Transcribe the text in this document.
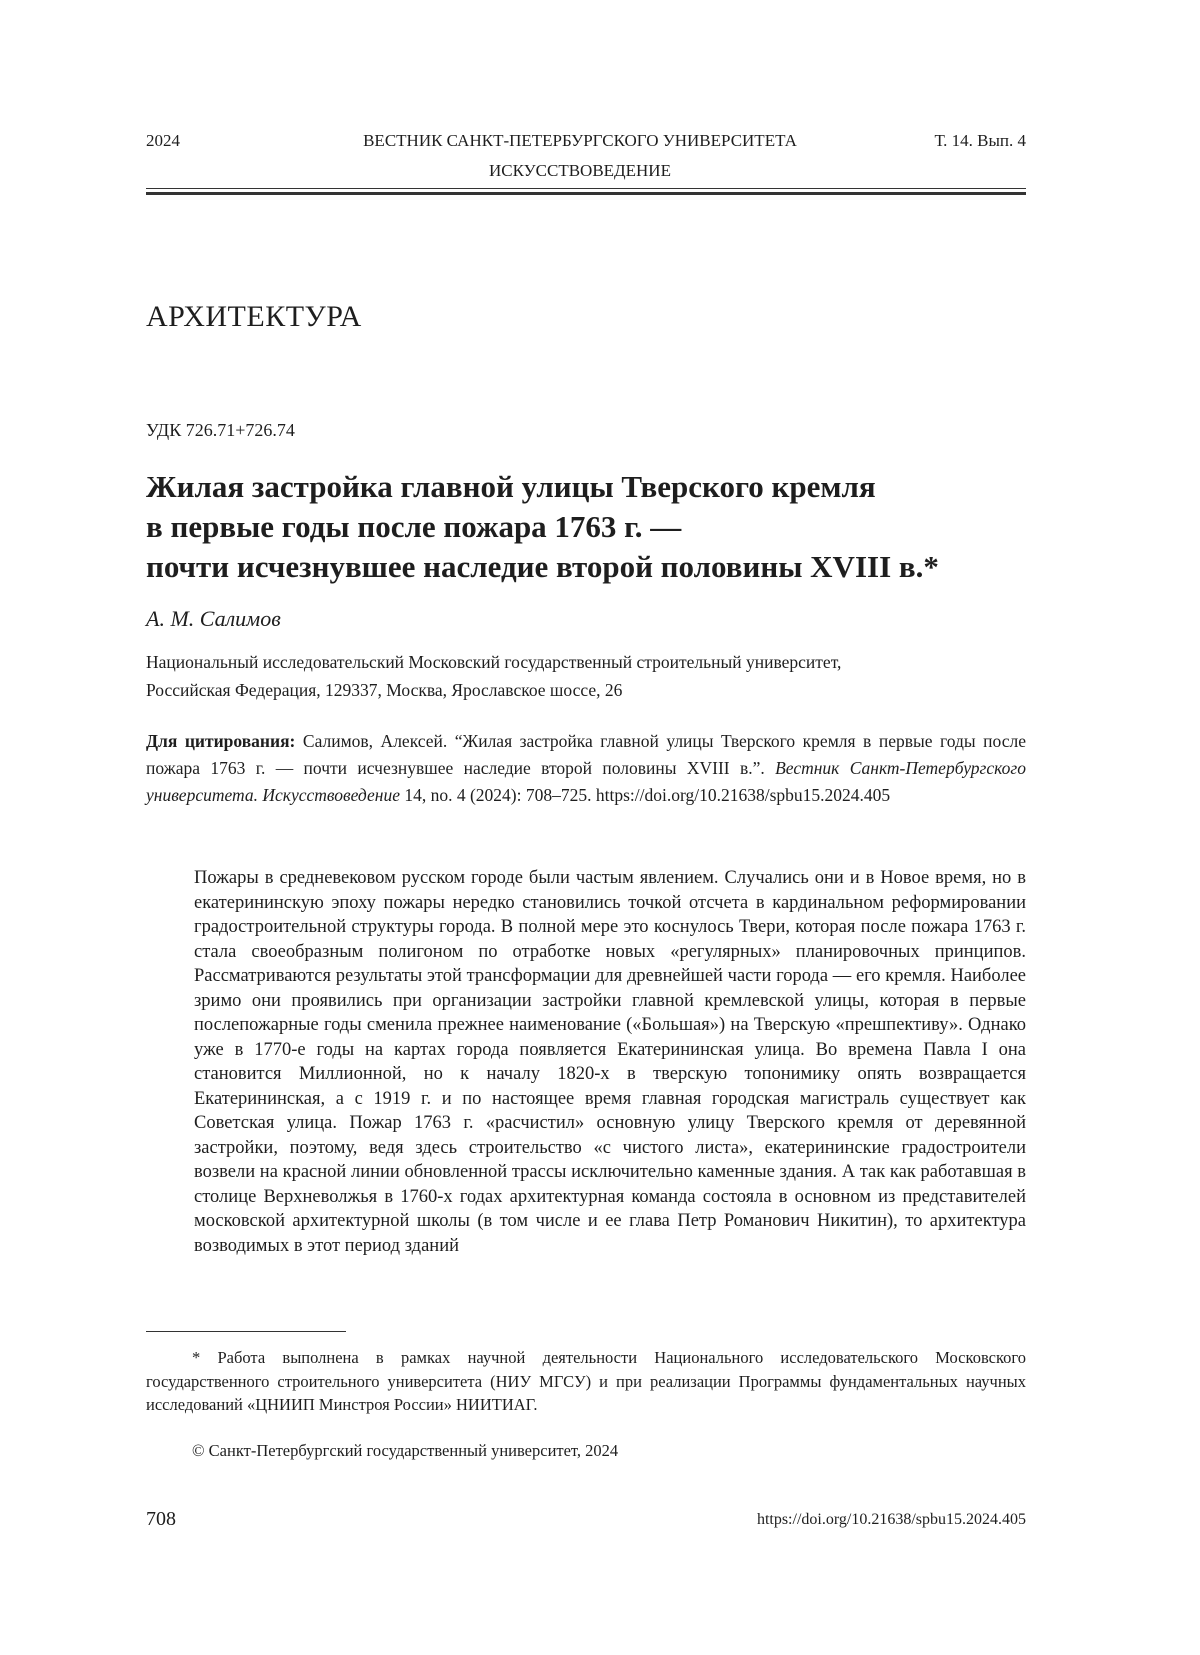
2024	ВЕСТНИК САНКТ-ПЕТЕРБУРГСКОГО УНИВЕРСИТЕТА
ИСКУССТВОВЕДЕНИЕ
Т. 14. Вып. 4
АРХИТЕКТУРА
УДК 726.71+726.74
Жилая застройка главной улицы Тверского кремля
в первые годы после пожара 1763 г. —
почти исчезнувшее наследие второй половины XVIII в.*
А. М. Салимов
Национальный исследовательский Московский государственный строительный университет,
Российская Федерация, 129337, Москва, Ярославское шоссе, 26
Для цитирования: Салимов, Алексей. “Жилая застройка главной улицы Тверского кремля в первые годы после пожара 1763 г. — почти исчезнувшее наследие второй половины XVIII в.”. Вестник Санкт-Петербургского университета. Искусствоведение 14, no. 4 (2024): 708–725. https://doi.org/10.21638/spbu15.2024.405
Пожары в средневековом русском городе были частым явлением. Случались они и в Новое время, но в екатерининскую эпоху пожары нередко становились точкой отсчета в кардинальном реформировании градостроительной структуры города. В полной мере это коснулось Твери, которая после пожара 1763 г. стала своеобразным полигоном по отработке новых «регулярных» планировочных принципов. Рассматриваются результаты этой трансформации для древнейшей части города — его кремля. Наиболее зримо они проявились при организации застройки главной кремлевской улицы, которая в первые послепожарные годы сменила прежнее наименование («Большая») на Тверскую «прешпективу». Однако уже в 1770-е годы на картах города появляется Екатерининская улица. Во времена Павла I она становится Миллионной, но к началу 1820-х в тверскую топонимику опять возвращается Екатерининская, а с 1919 г. и по настоящее время главная городская магистраль существует как Советская улица. Пожар 1763 г. «расчистил» основную улицу Тверского кремля от деревянной застройки, поэтому, ведя здесь строительство «с чистого листа», екатерининские градостроители возвели на красной линии обновленной трассы исключительно каменные здания. А так как работавшая в столице Верхневолжья в 1760-х годах архитектурная команда состояла в основном из представителей московской архитектурной школы (в том числе и ее глава Петр Романович Никитин), то архитектура возводимых в этот период зданий
* Работа выполнена в рамках научной деятельности Национального исследовательского Московского государственного строительного университета (НИУ МГСУ) и при реализации Программы фундаментальных научных исследований «ЦНИИП Минстроя России» НИИТИАГ.
© Санкт-Петербургский государственный университет, 2024
708	https://doi.org/10.21638/spbu15.2024.405
